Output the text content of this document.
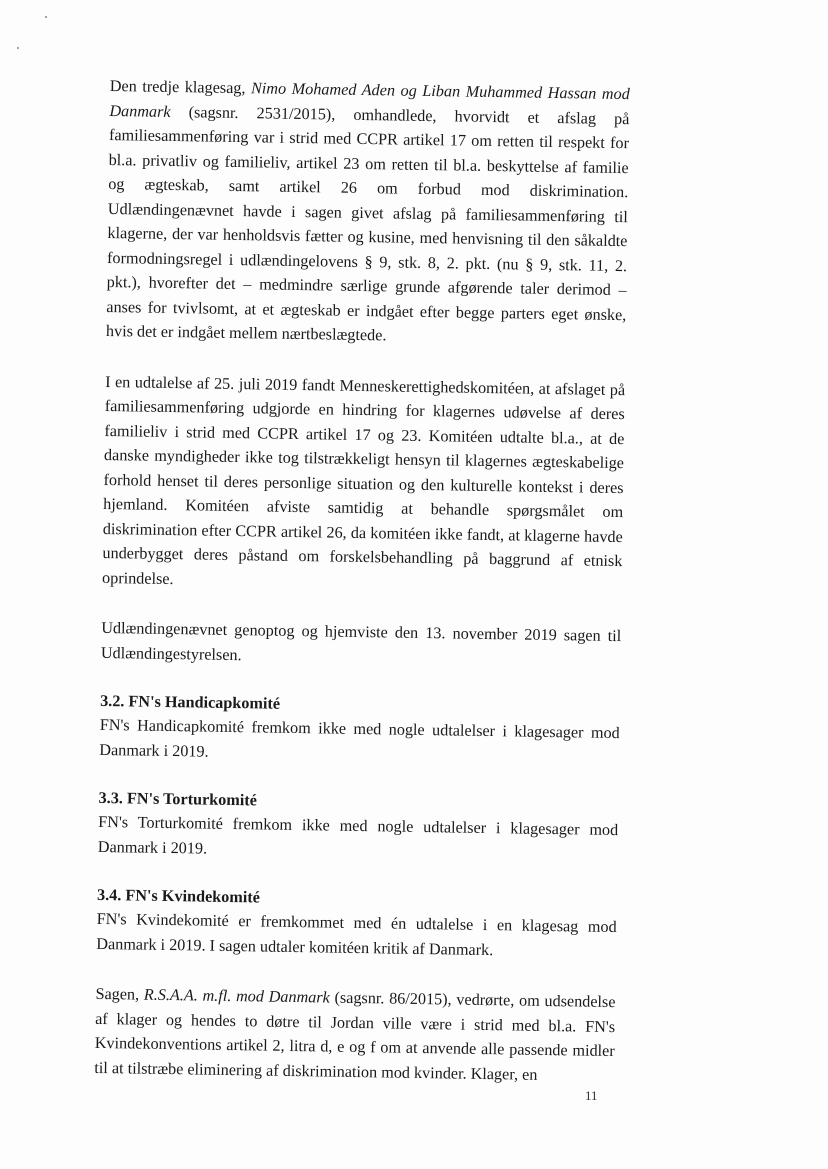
Den tredje klagesag, Nimo Mohamed Aden og Liban Muhammed Hassan mod Danmark (sagsnr. 2531/2015), omhandlede, hvorvidt et afslag på familiesammenføring var i strid med CCPR artikel 17 om retten til respekt for bl.a. privatliv og familieliv, artikel 23 om retten til bl.a. beskyttelse af familie og ægteskab, samt artikel 26 om forbud mod diskrimination. Udlændingenævnet havde i sagen givet afslag på familiesammenføring til klagerne, der var henholdsvis fætter og kusine, med henvisning til den såkaldte formodningsregel i udlændingelovens § 9, stk. 8, 2. pkt. (nu § 9, stk. 11, 2. pkt.), hvorefter det – medmindre særlige grunde afgørende taler derimod – anses for tvivlsomt, at et ægteskab er indgået efter begge parters eget ønske, hvis det er indgået mellem nærtbeslægtede.

I en udtalelse af 25. juli 2019 fandt Menneskerettighedskomitéen, at afslaget på familiesammenføring udgjorde en hindring for klagernes udøvelse af deres familieliv i strid med CCPR artikel 17 og 23. Komitéen udtalte bl.a., at de danske myndigheder ikke tog tilstrækkeligt hensyn til klagernes ægteskabelige forhold henset til deres personlige situation og den kulturelle kontekst i deres hjemland. Komitéen afviste samtidig at behandle spørgsmålet om diskrimination efter CCPR artikel 26, da komitéen ikke fandt, at klagerne havde underbygget deres påstand om forskelsbehandling på baggrund af etnisk oprindelse.

Udlændingenævnet genoptog og hjemviste den 13. november 2019 sagen til Udlændingestyrelsen.

3.2. FN's Handicapkomité

FN's Handicapkomité fremkom ikke med nogle udtalelser i klagesager mod Danmark i 2019.

3.3. FN's Torturkomité

FN's Torturkomité fremkom ikke med nogle udtalelser i klagesager mod Danmark i 2019.

3.4. FN's Kvindekomité

FN's Kvindekomité er fremkommet med én udtalelse i en klagesag mod Danmark i 2019. I sagen udtaler komitéen kritik af Danmark.

Sagen, R.S.A.A. m.fl. mod Danmark (sagsnr. 86/2015), vedrørte, om udsendelse af klager og hendes to døtre til Jordan ville være i strid med bl.a. FN's Kvindekonventions artikel 2, litra d, e og f om at anvende alle passende midler til at tilstræbe eliminering af diskrimination mod kvinder. Klager, en

11
